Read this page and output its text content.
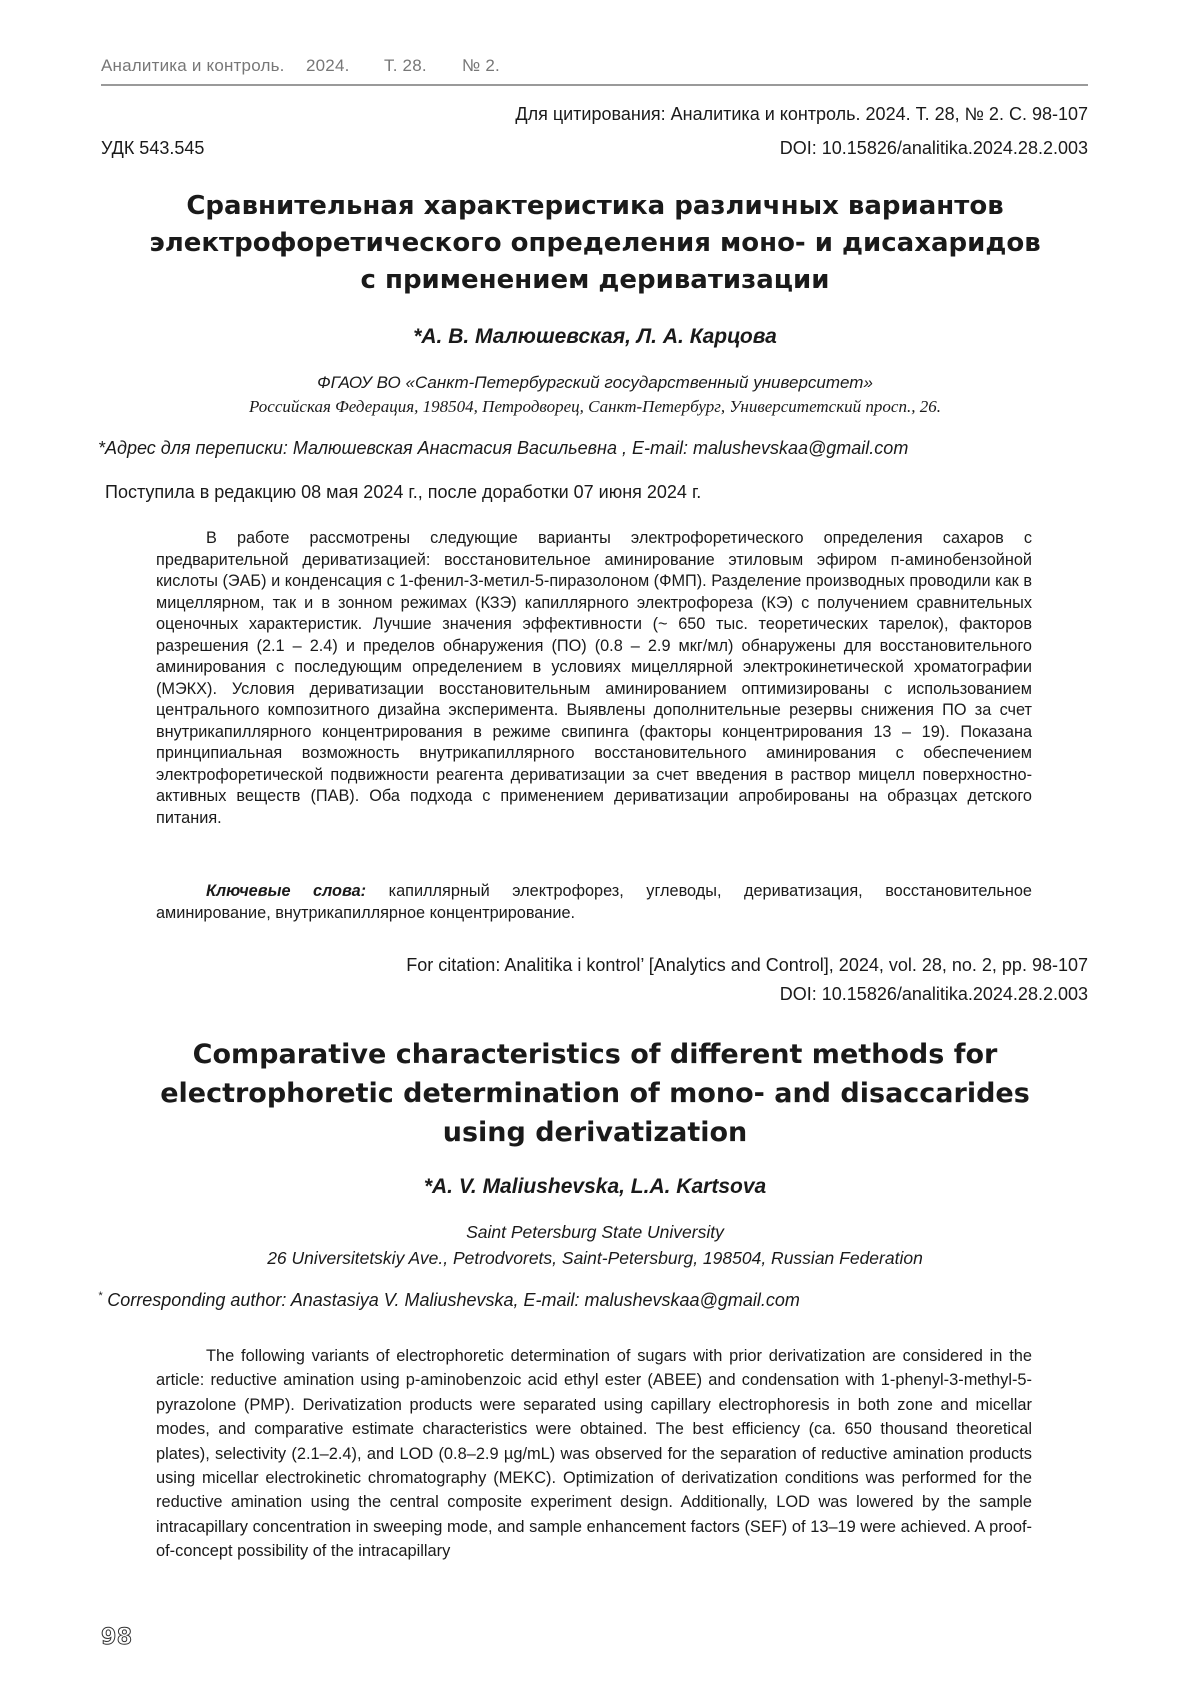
Аналитика и контроль. 2024. Т. 28. № 2.
Для цитирования: Аналитика и контроль. 2024. Т. 28, № 2. С. 98-107
УДК 543.545	DOI: 10.15826/analitika.2024.28.2.003
Сравнительная характеристика различных вариантов
электрофоретического определения моно- и дисахаридов
с применением дериватизации
*А. В. Малюшевская, Л. А. Карцова
ФГАОУ ВО «Санкт-Петербургский государственный университет»
Российская Федерация, 198504, Петродворец, Санкт-Петербург, Университетский просп., 26.
*Адрес для переписки: Малюшевская Анастасия Васильевна , E-mail: malushevskaa@gmail.com
Поступила в редакцию 08 мая 2024 г., после доработки 07 июня 2024 г.

В работе рассмотрены следующие варианты электрофоретического определения сахаров с предварительной дериватизацией: восстановительное аминирование этиловым эфиром п-аминобензойной кислоты (ЭАБ) и конденсация с 1-фенил-3-метил-5-пиразолоном (ФМП). Разделение производных проводили как в мицеллярном, так и в зонном режимах (КЗЭ) капиллярного электрофореза (КЭ) с получением сравнительных оценочных характеристик. Лучшие значения эффективности (~ 650 тыс. теоретических тарелок), факторов разрешения (2.1 – 2.4) и пределов обнаружения (ПО) (0.8 – 2.9 мкг/мл) обнаружены для восстановительного аминирования с последующим определением в условиях мицеллярной электрокинетической хроматографии (МЭКХ). Условия дериватизации восстановительным аминированием оптимизированы с использованием центрального композитного дизайна эксперимента. Выявлены дополнительные резервы снижения ПО за счет внутрикапиллярного концентрирования в режиме свипинга (факторы концентрирования 13 – 19). Показана принципиальная возможность внутрикапиллярного восстановительного аминирования с обеспечением электрофоретической подвижности реагента дериватизации за счет введения в раствор мицелл поверхностно-активных веществ (ПАВ). Оба подхода с применением дериватизации апробированы на образцах детского питания.

Ключевые слова: капиллярный электрофорез, углеводы, дериватизация, восстановительное аминирование, внутрикапиллярное концентрирование.
For citation: Analitika i kontrol’ [Analytics and Control], 2024, vol. 28, no. 2, pp. 98-107
DOI: 10.15826/analitika.2024.28.2.003
Comparative characteristics of different methods for
electrophoretic determination of mono- and disaccarides
using derivatization
*A. V. Maliushevska, L.A. Kartsova
Saint Petersburg State University
26 Universitetskiy Ave., Petrodvorets, Saint-Petersburg, 198504, Russian Federation
* Corresponding author: Anastasiya V. Maliushevska, E-mail: malushevskaa@gmail.com

The following variants of electrophoretic determination of sugars with prior derivatization are considered in the article: reductive amination using p-aminobenzoic acid ethyl ester (ABEE) and condensation with 1-phenyl-3-methyl-5-pyrazolone (PMP). Derivatization products were separated using capillary electrophoresis in both zone and micellar modes, and comparative estimate characteristics were obtained. The best efficiency (ca. 650 thousand theoretical plates), selectivity (2.1–2.4), and LOD (0.8–2.9 µg/mL) was observed for the separation of reductive amination products using micellar electrokinetic chromatography (MEKC). Optimization of derivatization conditions was performed for the reductive amination using the central composite experiment design. Additionally, LOD was lowered by the sample intracapillary concentration in sweeping mode, and sample enhancement factors (SEF) of 13–19 were achieved. A proof-of-concept possibility of the intracapillary

98
